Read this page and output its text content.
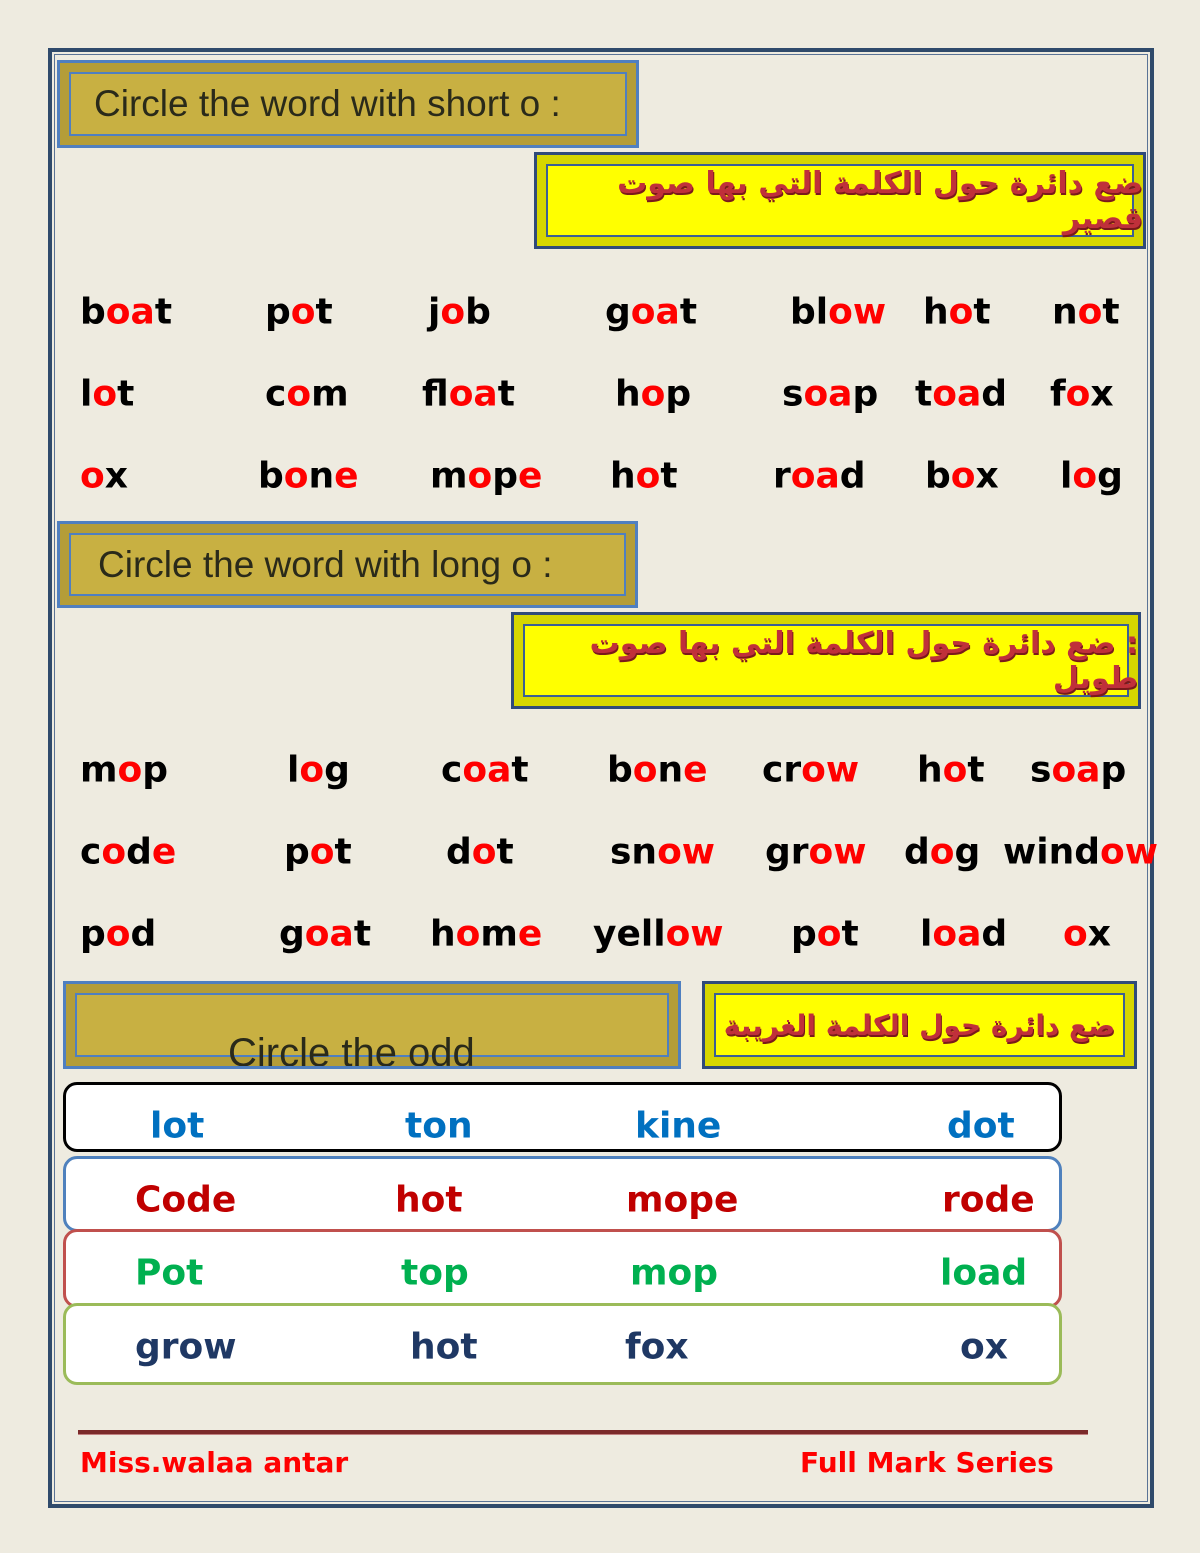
Circle the word with short o :
ضع دائرة حول الكلمة التي بها صوت قصير
boat	pot	job	goat	blow hot not
lot	com float	hop	soap toad fox
ox	bone mope hot	road box log
Circle the word with long o :
: ضع دائرة حول الكلمة التي بها صوت طويل
mop	log	coat bone crow hot soap
code	pot	dot	snow grow dog window
pod	goat home yellow pot load ox
Circle the odd
ضع دائرة حول الكلمة الغريبة
lot	ton	kine	dot
Code	hot	mope	rode
Pot	top	mop	load
grow	hot	fox	ox
Miss.walaa antar	Full Mark Series
